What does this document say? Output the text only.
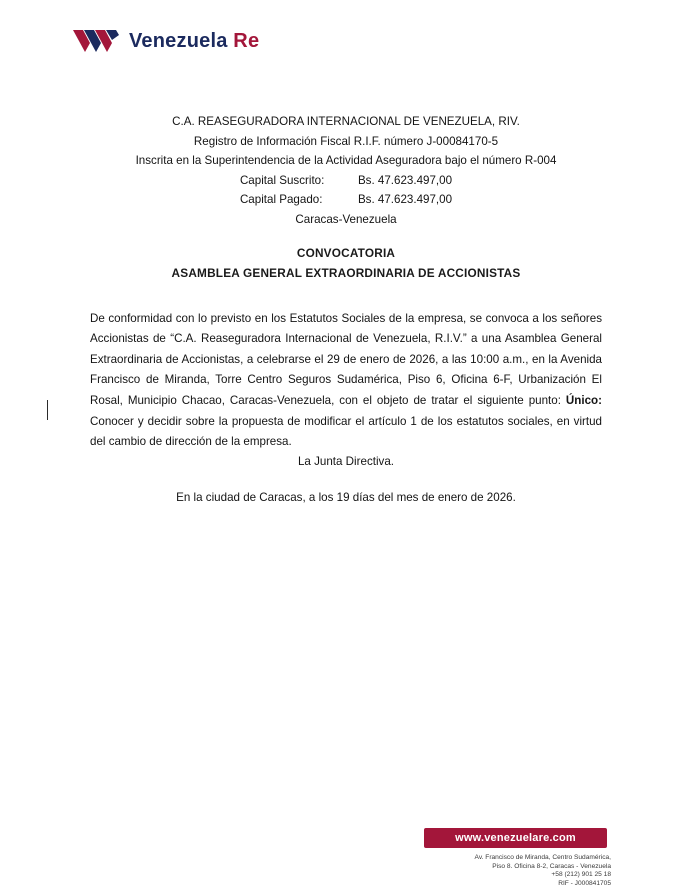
Venezuela Re
C.A. REASEGURADORA INTERNACIONAL DE VENEZUELA, RIV.
Registro de Información Fiscal R.I.F. número J-00084170-5
Inscrita en la Superintendencia de la Actividad Aseguradora bajo el número R-004
Capital Suscrito:	Bs. 47.623.497,00
Capital Pagado:	Bs. 47.623.497,00
Caracas-Venezuela
CONVOCATORIA
ASAMBLEA GENERAL EXTRAORDINARIA DE ACCIONISTAS

De conformidad con lo previsto en los Estatutos Sociales de la empresa, se convoca a los señores Accionistas de “C.A. Reaseguradora Internacional de Venezuela, R.I.V.” a una Asamblea General Extraordinaria de Accionistas, a celebrarse el 29 de enero de 2026, a las 10:00 a.m., en la Avenida Francisco de Miranda, Torre Centro Seguros Sudamérica, Piso 6, Oficina 6-F, Urbanización El Rosal, Municipio Chacao, Caracas-Venezuela, con el objeto de tratar el siguiente punto: Único: Conocer y decidir sobre la propuesta de modificar el artículo 1 de los estatutos sociales, en virtud del cambio de dirección de la empresa.

La Junta Directiva.
En la ciudad de Caracas, a los 19 días del mes de enero de 2026.
www.venezuelare.com
Av. Francisco de Miranda, Centro Sudamérica,
Piso 8. Oficina 8-2, Caracas - Venezuela
+58 (212) 901 25 18
RIF - J000841705
